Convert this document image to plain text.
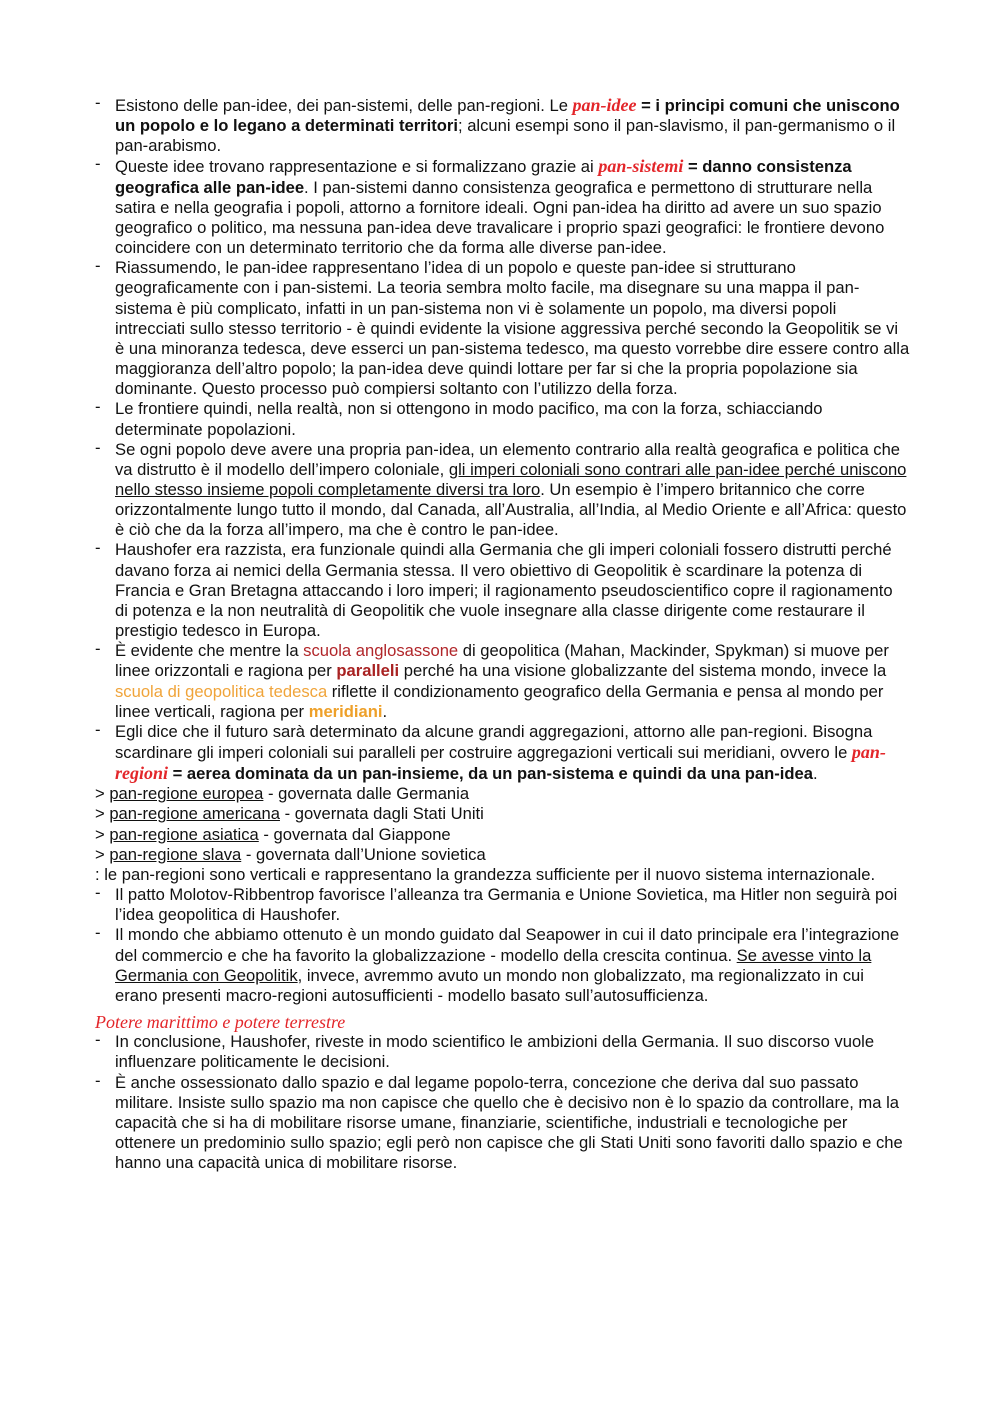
- Esistono delle pan-idee, dei pan-sistemi, delle pan-regioni. Le pan-idee = i principi comuni che uniscono un popolo e lo legano a determinati territori; alcuni esempi sono il pan-slavismo, il pan-germanismo o il pan-arabismo.
- Queste idee trovano rappresentazione e si formalizzano grazie ai pan-sistemi = danno consistenza geografica alle pan-idee. I pan-sistemi danno consistenza geografica e permettono di strutturare nella satira e nella geografia i popoli, attorno a fornitore ideali. Ogni pan-idea ha diritto ad avere un suo spazio geografico o politico, ma nessuna pan-idea deve travalicare i proprio spazi geografici: le frontiere devono coincidere con un determinato territorio che da forma alle diverse pan-idee.
- Riassumendo, le pan-idee rappresentano l’idea di un popolo e queste pan-idee si strutturano geograficamente con i pan-sistemi. La teoria sembra molto facile, ma disegnare su una mappa il pan-sistema è più complicato, infatti in un pan-sistema non vi è solamente un popolo, ma diversi popoli intrecciati sullo stesso territorio - è quindi evidente la visione aggressiva perché secondo la Geopolitik se vi è una minoranza tedesca, deve esserci un pan-sistema tedesco, ma questo vorrebbe dire essere contro alla maggioranza dell’altro popolo; la pan-idea deve quindi lottare per far si che la propria popolazione sia dominante. Questo processo può compiersi soltanto con l’utilizzo della forza.
- Le frontiere quindi, nella realtà, non si ottengono in modo pacifico, ma con la forza, schiacciando determinate popolazioni.
- Se ogni popolo deve avere una propria pan-idea, un elemento contrario alla realtà geografica e politica che va distrutto è il modello dell’impero coloniale, gli imperi coloniali sono contrari alle pan-idee perché uniscono nello stesso insieme popoli completamente diversi tra loro. Un esempio è l’impero britannico che corre orizzontalmente lungo tutto il mondo, dal Canada, all’Australia, all’India, al Medio Oriente e all’Africa: questo è ciò che da la forza all’impero, ma che è contro le pan-idee.
- Haushofer era razzista, era funzionale quindi alla Germania che gli imperi coloniali fossero distrutti perché davano forza ai nemici della Germania stessa. Il vero obiettivo di Geopolitik è scardinare la potenza di Francia e Gran Bretagna attaccando i loro imperi; il ragionamento pseudoscientifico copre il ragionamento di potenza e la non neutralità di Geopolitik che vuole insegnare alla classe dirigente come restaurare il prestigio tedesco in Europa.
- È evidente che mentre la scuola anglosassone di geopolitica (Mahan, Mackinder, Spykman) si muove per linee orizzontali e ragiona per paralleli perché ha una visione globalizzante del sistema mondo, invece la scuola di geopolitica tedesca riflette il condizionamento geografico della Germania e pensa al mondo per linee verticali, ragiona per meridiani.
- Egli dice che il futuro sarà determinato da alcune grandi aggregazioni, attorno alle pan-regioni. Bisogna scardinare gli imperi coloniali sui paralleli per costruire aggregazioni verticali sui meridiani, ovvero le pan-regioni = aerea dominata da un pan-insieme, da un pan-sistema e quindi da una pan-idea.
> pan-regione europea - governata dalle Germania
> pan-regione americana - governata dagli Stati Uniti
> pan-regione asiatica - governata dal Giappone
> pan-regione slava - governata dall’Unione sovietica
: le pan-regioni sono verticali e rappresentano la grandezza sufficiente per il nuovo sistema internazionale.
- Il patto Molotov-Ribbentrop favorisce l’alleanza tra Germania e Unione Sovietica, ma Hitler non seguirà poi l’idea geopolitica di Haushofer.
- Il mondo che abbiamo ottenuto è un mondo guidato dal Seapower in cui il dato principale era l’integrazione del commercio e che ha favorito la globalizzazione - modello della crescita continua. Se avesse vinto la Germania con Geopolitik, invece, avremmo avuto un mondo non globalizzato, ma regionalizzato in cui erano presenti macro-regioni autosufficienti - modello basato sull’autosufficienza.
Potere marittimo e potere terrestre
- In conclusione, Haushofer, riveste in modo scientifico le ambizioni della Germania. Il suo discorso vuole influenzare politicamente le decisioni.
- È anche ossessionato dallo spazio e dal legame popolo-terra, concezione che deriva dal suo passato militare. Insiste sullo spazio ma non capisce che quello che è decisivo non è lo spazio da controllare, ma la capacità che si ha di mobilitare risorse umane, finanziarie, scientifiche, industriali e tecnologiche per ottenere un predominio sullo spazio; egli però non capisce che gli Stati Uniti sono favoriti dallo spazio e che hanno una capacità unica di mobilitare risorse.
